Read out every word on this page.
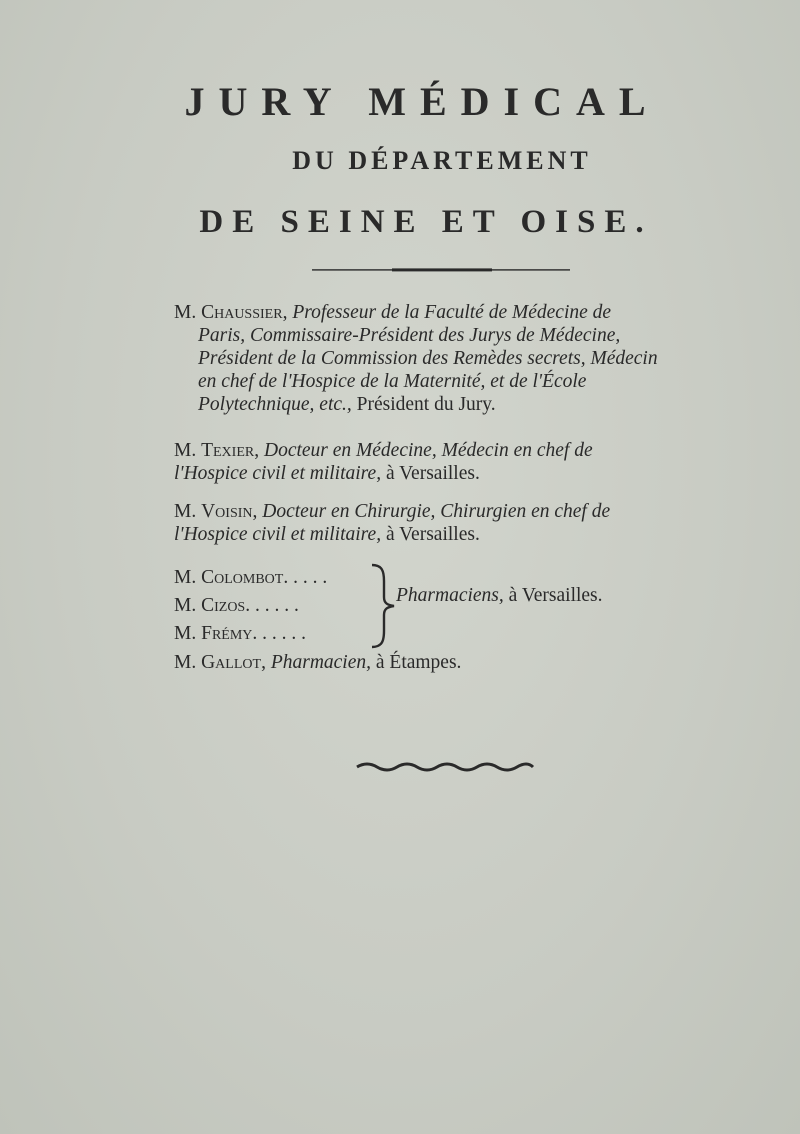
JURY MÉDICAL
DU DÉPARTEMENT
DE SEINE ET OISE.
M. Chaussier, Professeur de la Faculté de Médecine de
Paris, Commissaire-Président des Jurys de Médecine,
Président de la Commission des Remèdes secrets, Médecin
en chef de l'Hospice de la Maternité, et de l'École
Polytechnique, etc., Président du Jury.
M. Texier, Docteur en Médecine, Médecin en chef de
l'Hospice civil et militaire, à Versailles.
M. Voisin, Docteur en Chirurgie, Chirurgien en chef de
l'Hospice civil et militaire, à Versailles.
M. Colombot. . . . .
M. Cizos. . . . . .
M. Frémy. . . . . .
Pharmaciens, à Versailles.
M. Gallot, Pharmacien, à Étampes.
